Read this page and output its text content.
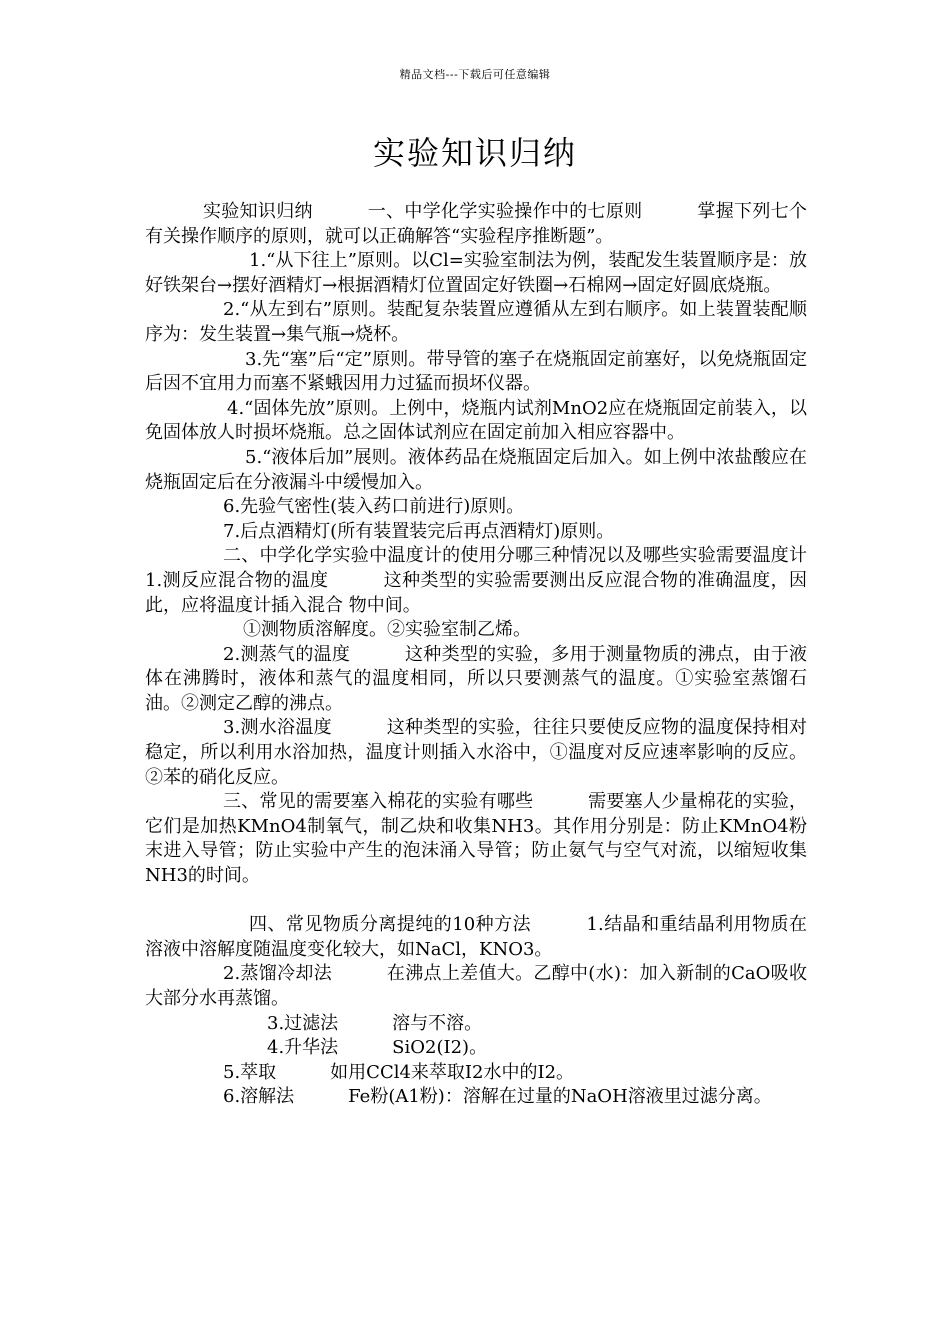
精品文档---下载后可任意编辑
实验知识归纳

实验知识归纳　　　一、中学化学实验操作中的七原则　　　掌握下列七个有关操作顺序的原则，就可以正确解答“实验程序推断题”。

1.“从下往上”原则。以Cl=实验室制法为例，装配发生装置顺序是：放好铁架台→摆好酒精灯→根据酒精灯位置固定好铁圈→石棉网→固定好圆底烧瓶。

2.“从左到右”原则。装配复杂装置应遵循从左到右顺序。如上装置装配顺序为：发生装置→集气瓶→烧杯。

3.先“塞”后“定”原则。带导管的塞子在烧瓶固定前塞好，以免烧瓶固定后因不宜用力而塞不紧蛾因用力过猛而损坏仪器。

4.“固体先放”原则。上例中，烧瓶内试剂MnO2应在烧瓶固定前装入，以免固体放人时损坏烧瓶。总之固体试剂应在固定前加入相应容器中。

5.“液体后加”展则。液体药品在烧瓶固定后加入。如上例中浓盐酸应在烧瓶固定后在分液漏斗中缓慢加入。

6.先验气密性(装入药口前进行)原则。

7.后点酒精灯(所有装置装完后再点酒精灯)原则。

二、中学化学实验中温度计的使用分哪三种情况以及哪些实验需要温度计　　　1.测反应混合物的温度　　　这种类型的实验需要测出反应混合物的准确温度，因此，应将温度计插入混合 物中间。

①测物质溶解度。②实验室制乙烯。

2.测蒸气的温度　　　这种类型的实验，多用于测量物质的沸点，由于液体在沸腾时，液体和蒸气的温度相同，所以只要测蒸气的温度。①实验室蒸馏石油。②测定乙醇的沸点。

3.测水浴温度　　　这种类型的实验，往往只要使反应物的温度保持相对稳定，所以利用水浴加热，温度计则插入水浴中，①温度对反应速率影响的反应。②苯的硝化反应。

三、常见的需要塞入棉花的实验有哪些　　　需要塞人少量棉花的实验，它们是加热KMnO4制氧气，制乙炔和收集NH3。其作用分别是：防止KMnO4粉末进入导管；防止实验中产生的泡沫涌入导管；防止氨气与空气对流，以缩短收集NH3的时间。

四、常见物质分离提纯的10种方法　　　1.结晶和重结晶利用物质在溶液中溶解度随温度变化较大，如NaCl，KNO3。

2.蒸馏冷却法　　　在沸点上差值大。乙醇中(水)：加入新制的CaO吸收大部分水再蒸馏。

3.过滤法　　　溶与不溶。

4.升华法　　　SiO2(I2)。

5.萃取　　　如用CCl4来萃取I2水中的I2。

6.溶解法　　　Fe粉(A1粉)：溶解在过量的NaOH溶液里过滤分离。
